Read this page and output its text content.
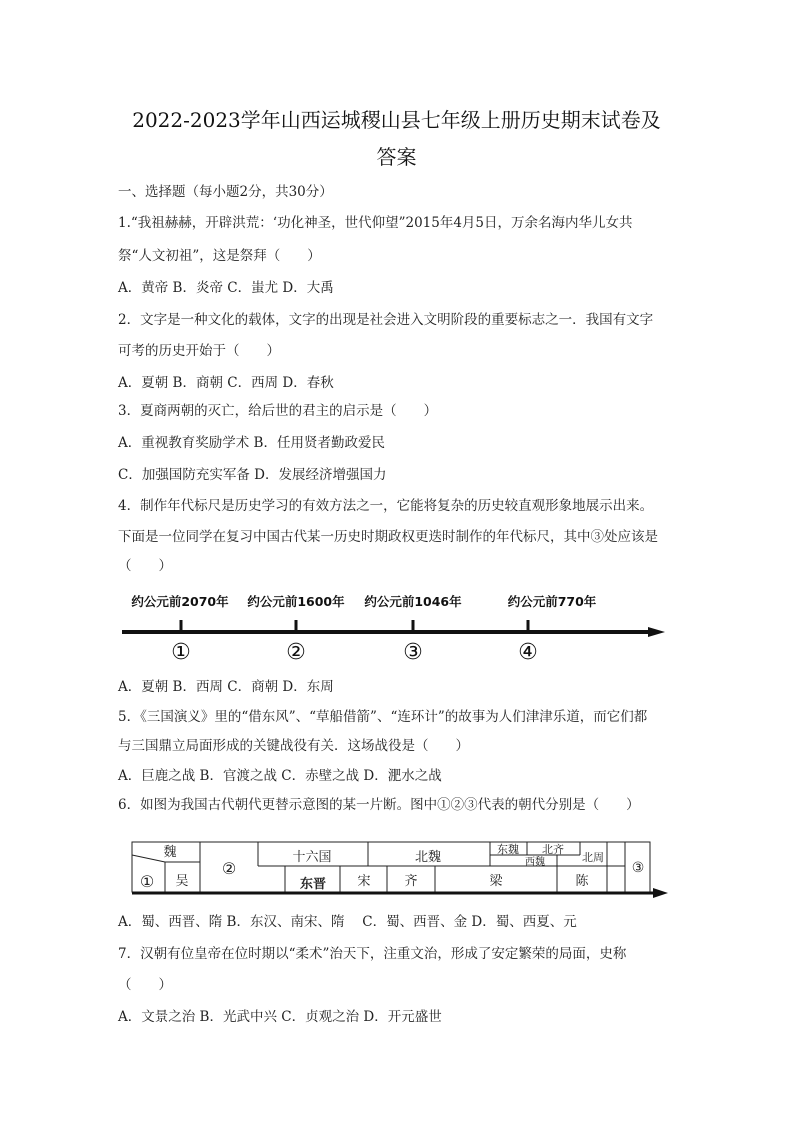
2022-2023学年山西运城稷山县七年级上册历史期末试卷及
答案
一、选择题（每小题2分，共30分）
1.“我祖赫赫，开辟洪荒：‘功化神圣，世代仰望”2015年4月5日，万余名海内华儿女共
祭“人文初祖”，这是祭拜（　　）
A．黄帝 B．炎帝 C．蚩尤 D．大禹
2．文字是一种文化的载体，文字的出现是社会进入文明阶段的重要标志之一．我国有文字
可考的历史开始于（　　）
A．夏朝 B．商朝 C．西周 D．春秋
3．夏商两朝的灭亡，给后世的君主的启示是（　　）
A．重视教育奖励学术 B．任用贤者勤政爱民
C．加强国防充实军备 D．发展经济增强国力
4．制作年代标尺是历史学习的有效方法之一，它能将复杂的历史较直观形象地展示出来。
下面是一位同学在复习中国古代某一历史时期政权更迭时制作的年代标尺，其中③处应该是
（　　）
约公元前2070年 约公元前1600年 约公元前1046年	约公元前770年
①	②	③	④
A．夏朝 B．西周 C．商朝 D．东周
5．《三国演义》里的“借东风”、“草船借箭”、“连环计”的故事为人们津津乐道，而它们都
与三国鼎立局面形成的关键战役有关．这场战役是（　　）
A．巨鹿之战 B．官渡之战 C．赤壁之战 D．淝水之战
6．如图为我国古代朝代更替示意图的某一片断。图中①②③代表的朝代分别是（　　）
魏	十六国	北魏
东魏 北齐
西魏	北周
① 吴
②
东晋 宋	齐	梁	陈
③
A．蜀、西晋、隋 B．东汉、南宋、隋　 C．蜀、西晋、金 D．蜀、西夏、元
7．汉朝有位皇帝在位时期以“柔术”治天下，注重文治，形成了安定繁荣的局面，史称
（　　）
A．文景之治 B．光武中兴 C．贞观之治 D．开元盛世
